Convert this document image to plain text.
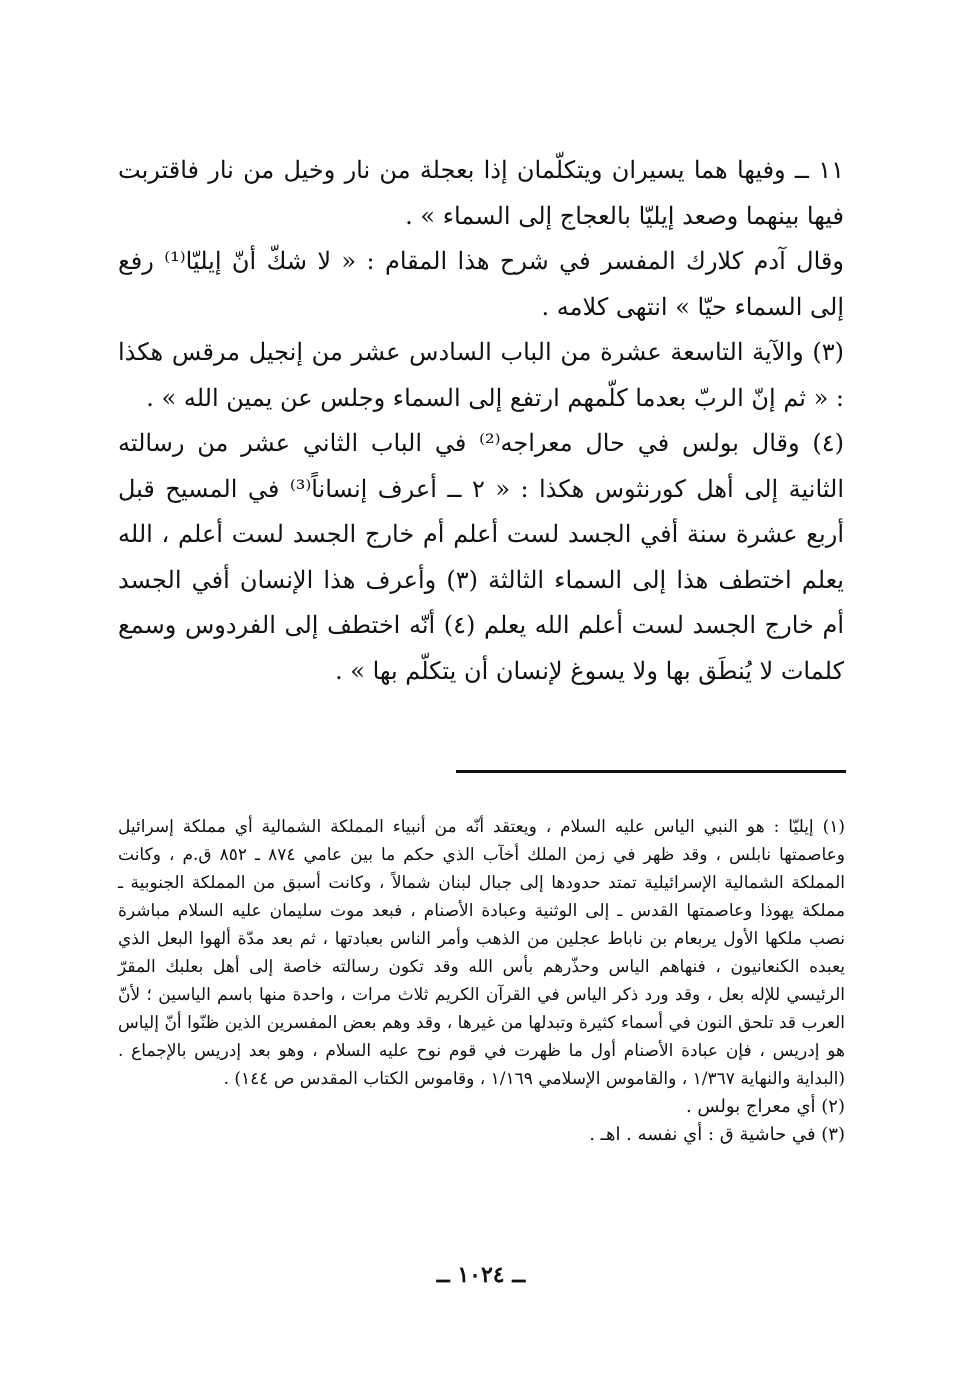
١١ ــ وفيها هما يسيران ويتكلّمان إذا بعجلة من نار وخيل من نار فاقتربت فيها بينهما وصعد إيليّا بالعجاج إلى السماء » .

وقال آدم كلارك المفسر في شرح هذا المقام : « لا شكّ أنّ إيليّا⁽¹⁾ رفع إلى السماء حيّا » انتهى كلامه .

(٣) والآية التاسعة عشرة من الباب السادس عشر من إنجيل مرقس هكذا : « ثم إنّ الربّ بعدما كلّمهم ارتفع إلى السماء وجلس عن يمين الله » .

(٤) وقال بولس في حال معراجه⁽²⁾ في الباب الثاني عشر من رسالته الثانية إلى أهل كورنثوس هكذا : « ٢ ــ أعرف إنساناً⁽³⁾ في المسيح قبل أربع عشرة سنة أفي الجسد لست أعلم أم خارج الجسد لست أعلم ، الله يعلم اختطف هذا إلى السماء الثالثة (٣) وأعرف هذا الإنسان أفي الجسد أم خارج الجسد لست أعلم الله يعلم (٤) أنّه اختطف إلى الفردوس وسمع كلمات لا يُنطَق بها ولا يسوغ لإنسان أن يتكلّم بها » .

(١) إيليّا : هو النبي الياس عليه السلام ، ويعتقد أنّه من أنبياء المملكة الشمالية أي مملكة إسرائيل وعاصمتها نابلس ، وقد ظهر في زمن الملك أخآب الذي حكم ما بين عامي ٨٧٤ ـ ٨٥٢ ق.م ، وكانت المملكة الشمالية الإسرائيلية تمتد حدودها إلى جبال لبنان شمالاً ، وكانت أسبق من المملكة الجنوبية ـ مملكة يهوذا وعاصمتها القدس ـ إلى الوثنية وعبادة الأصنام ، فبعد موت سليمان عليه السلام مباشرة نصب ملكها الأول يربعام بن ناباط عجلين من الذهب وأمر الناس بعبادتها ، ثم بعد مدّة ألهوا البعل الذي يعبده الكنعانيون ، فنهاهم الياس وحذّرهم بأس الله وقد تكون رسالته خاصة إلى أهل بعلبك المقرّ الرئيسي للإله بعل ، وقد ورد ذكر الياس في القرآن الكريم ثلاث مرات ، واحدة منها باسم الياسين ؛ لأنّ العرب قد تلحق النون في أسماء كثيرة وتبدلها من غيرها ، وقد وهم بعض المفسرين الذين ظنّوا أنّ إلياس هو إدريس ، فإن عبادة الأصنام أول ما ظهرت في قوم نوح عليه السلام ، وهو بعد إدريس بالإجماع . (البداية والنهاية ١/٣٦٧ ، والقاموس الإسلامي ١/١٦٩ ، وقاموس الكتاب المقدس ص ١٤٤) .

(٢) أي معراج بولس .

(٣) في حاشية ق : أي نفسه . اهـ .

ــ ١٠٢٤ ــ
